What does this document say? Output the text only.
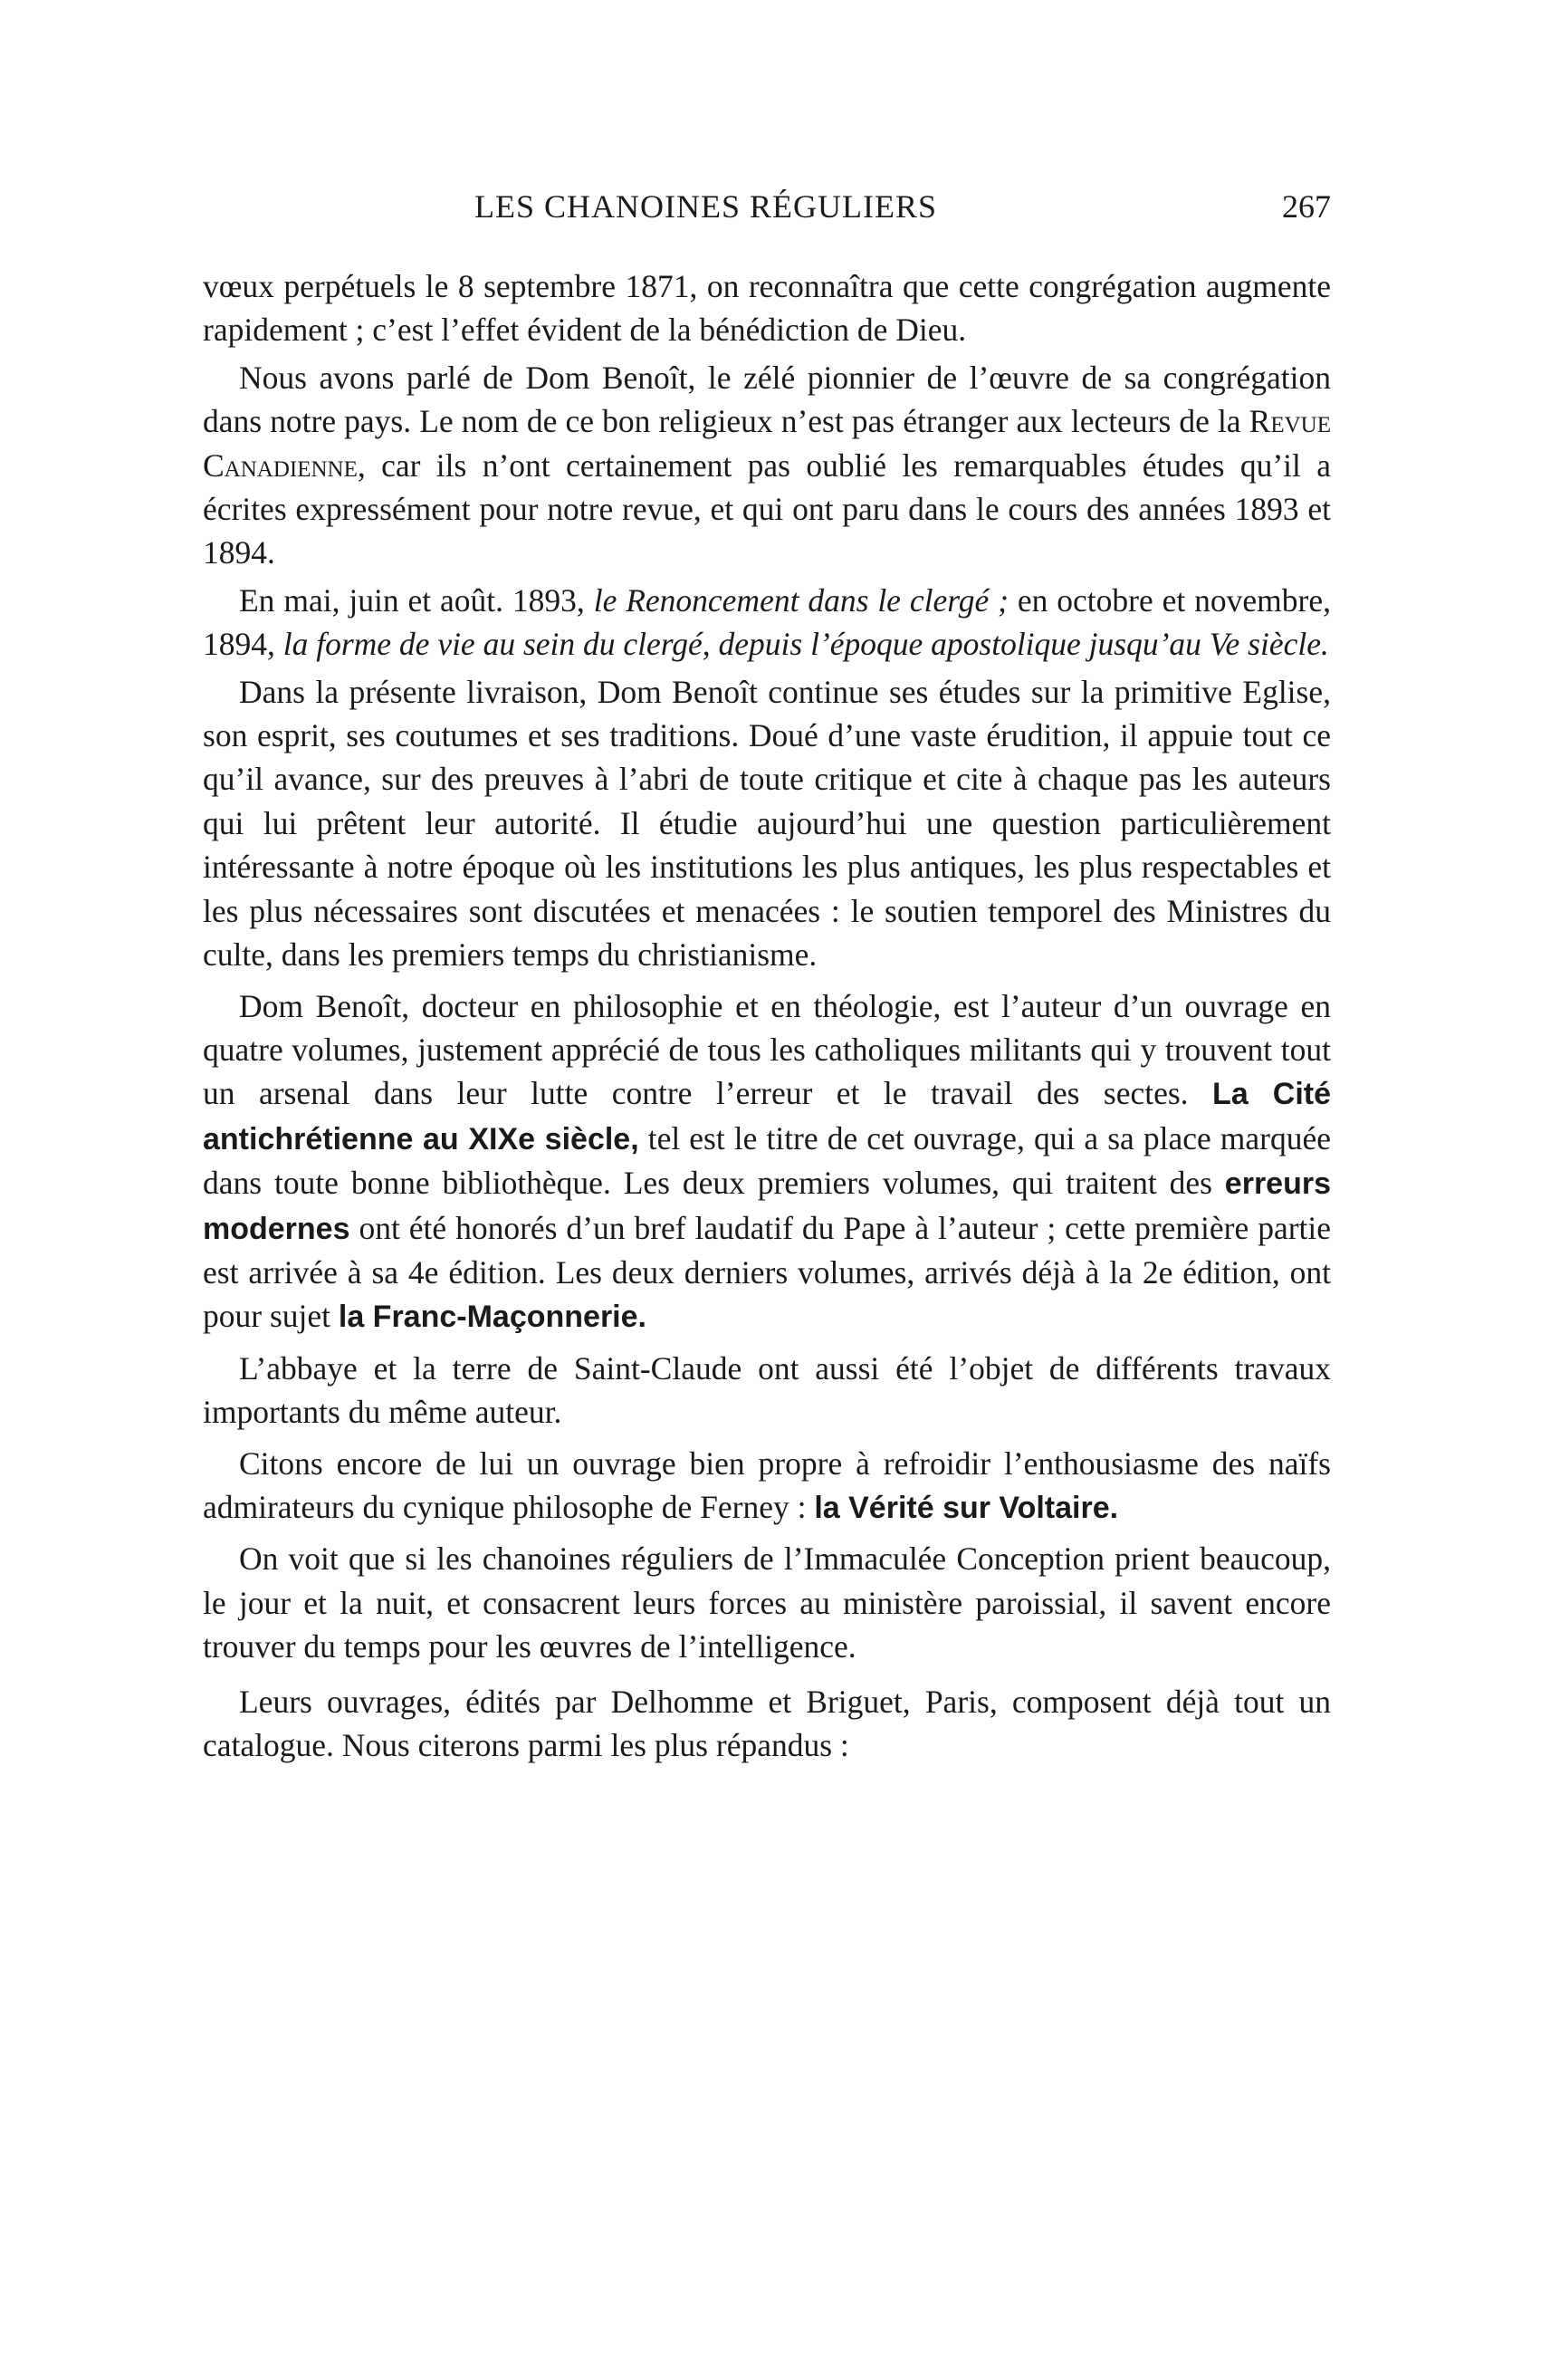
LES CHANOINES RÉGULIERS	267

vœux perpétuels le 8 septembre 1871, on reconnaîtra que cette congrégation augmente rapidement ; c’est l’effet évident de la bénédiction de Dieu.

Nous avons parlé de Dom Benoît, le zélé pionnier de l’œuvre de sa congrégation dans notre pays. Le nom de ce bon religieux n’est pas étranger aux lecteurs de la Revue Canadienne, car ils n’ont certainement pas oublié les remarquables études qu’il a écrites expressément pour notre revue, et qui ont paru dans le cours des années 1893 et 1894.

En mai, juin et août. 1893, le Renoncement dans le clergé ; en octobre et novembre, 1894, la forme de vie au sein du clergé, depuis l’époque apostolique jusqu’au Ve siècle.

Dans la présente livraison, Dom Benoît continue ses études sur la primitive Eglise, son esprit, ses coutumes et ses traditions. Doué d’une vaste érudition, il appuie tout ce qu’il avance, sur des preuves à l’abri de toute critique et cite à chaque pas les auteurs qui lui prêtent leur autorité. Il étudie aujourd’hui une question particulièrement intéressante à notre époque où les institutions les plus antiques, les plus respectables et les plus nécessaires sont discutées et menacées : le soutien temporel des Ministres du culte, dans les premiers temps du christianisme.

Dom Benoît, docteur en philosophie et en théologie, est l’auteur d’un ouvrage en quatre volumes, justement apprécié de tous les catholiques militants qui y trouvent tout un arsenal dans leur lutte contre l’erreur et le travail des sectes. La Cité antichrétienne au XIXe siècle, tel est le titre de cet ouvrage, qui a sa place marquée dans toute bonne bibliothèque. Les deux premiers volumes, qui traitent des erreurs modernes ont été honorés d’un bref laudatif du Pape à l’auteur ; cette première partie est arrivée à sa 4e édition. Les deux derniers volumes, arrivés déjà à la 2e édition, ont pour sujet la Franc-Maçonnerie.

L’abbaye et la terre de Saint-Claude ont aussi été l’objet de différents travaux importants du même auteur.

Citons encore de lui un ouvrage bien propre à refroidir l’enthousiasme des naïfs admirateurs du cynique philosophe de Ferney : la Vérité sur Voltaire.

On voit que si les chanoines réguliers de l’Immaculée Conception prient beaucoup, le jour et la nuit, et consacrent leurs forces au ministère paroissial, il savent encore trouver du temps pour les œuvres de l’intelligence.

Leurs ouvrages, édités par Delhomme et Briguet, Paris, composent déjà tout un catalogue. Nous citerons parmi les plus répandus :
